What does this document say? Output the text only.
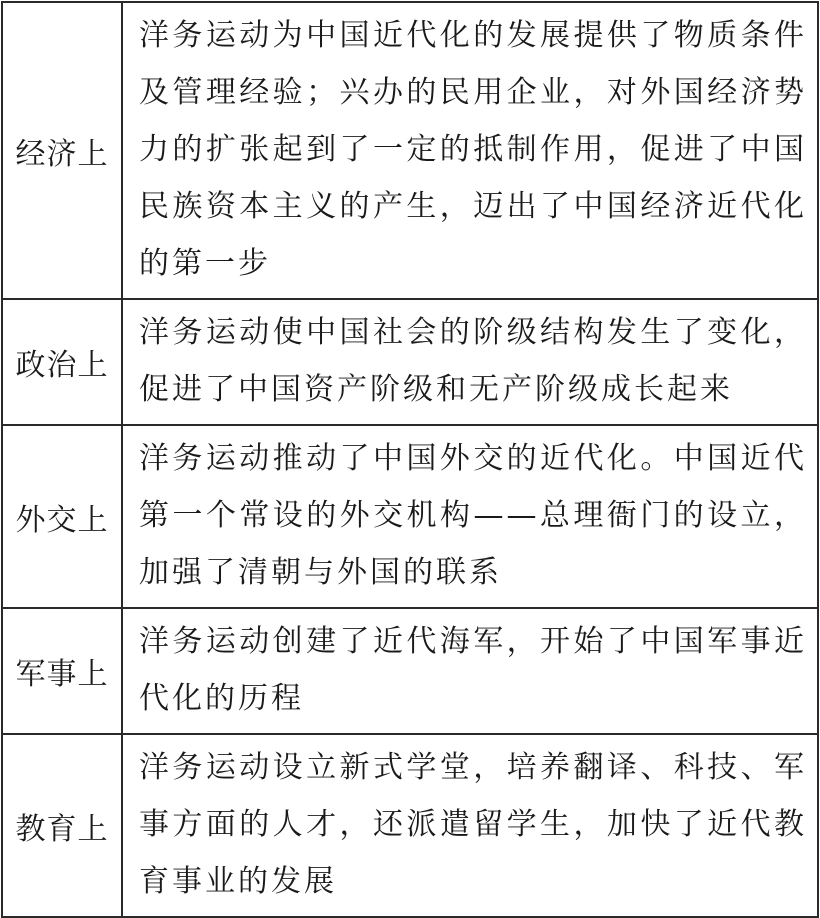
经济上	洋务运动为中国近代化的发展提供了物质条件及管理经验；兴办的民用企业，对外国经济势力的扩张起到了一定的抵制作用，促进了中国民族资本主义的产生，迈出了中国经济近代化的第一步
政治上	洋务运动使中国社会的阶级结构发生了变化，促进了中国资产阶级和无产阶级成长起来
外交上	洋务运动推动了中国外交的近代化。中国近代第一个常设的外交机构——总理衙门的设立，加强了清朝与外国的联系
军事上	洋务运动创建了近代海军，开始了中国军事近代化的历程
教育上	洋务运动设立新式学堂，培养翻译、科技、军事方面的人才，还派遣留学生，加快了近代教育事业的发展
